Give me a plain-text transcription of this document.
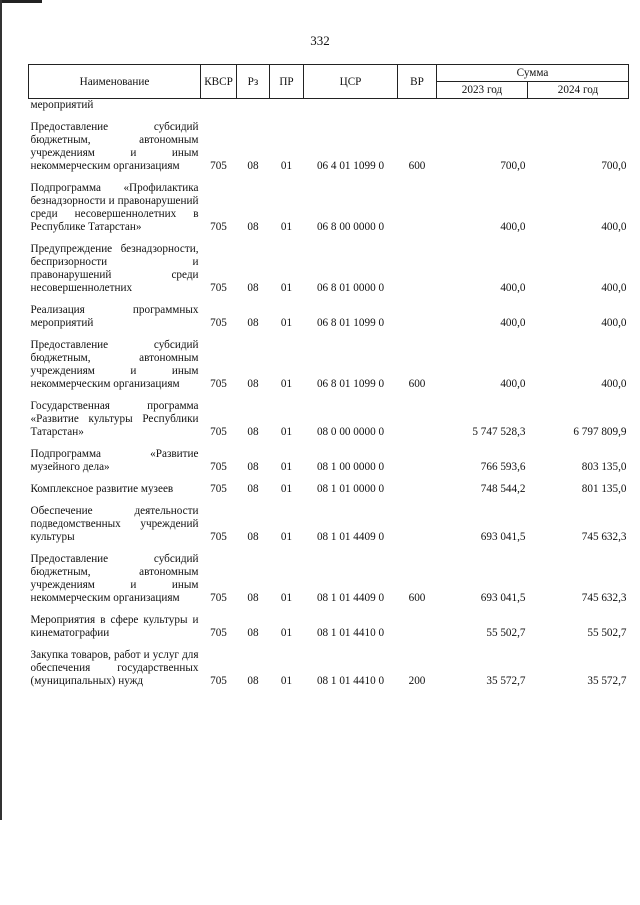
332
Наименование	КВСР	Рз	ПР	ЦСР	ВР	Сумма	
						2023 год	2024 год
мероприятий							

Предоставление субсидий бюджетным, автономным учреждениям и иным некоммерческим организациям	705	08	01	06 4 01 1099 0	600	700,0	700,0

Подпрограмма «Профилактика безнадзорности и правонарушений среди несовершеннолетних в Республике Татарстан»	705	08	01	06 8 00 0000 0		400,0	400,0

Предупреждение безнадзорности, беспризорности и правонарушений среди несовершеннолетних	705	08	01	06 8 01 0000 0		400,0	400,0

Реализация программных мероприятий	705	08	01	06 8 01 1099 0		400,0	400,0

Предоставление субсидий бюджетным, автономным учреждениям и иным некоммерческим организациям	705	08	01	06 8 01 1099 0	600	400,0	400,0

Государственная программа «Развитие культуры Республики Татарстан»	705	08	01	08 0 00 0000 0		5 747 528,3	6 797 809,9

Подпрограмма «Развитие музейного дела»	705	08	01	08 1 00 0000 0		766 593,6	803 135,0

Комплексное развитие музеев	705	08	01	08 1 01 0000 0		748 544,2	801 135,0

Обеспечение деятельности подведомственных учреждений культуры	705	08	01	08 1 01 4409 0		693 041,5	745 632,3

Предоставление субсидий бюджетным, автономным учреждениям и иным некоммерческим организациям	705	08	01	08 1 01 4409 0	600	693 041,5	745 632,3

Мероприятия в сфере культуры и кинематографии	705	08	01	08 1 01 4410 0		55 502,7	55 502,7

Закупка товаров, работ и услуг для обеспечения государственных (муниципальных) нужд	705	08	01	08 1 01 4410 0	200	35 572,7	35 572,7
